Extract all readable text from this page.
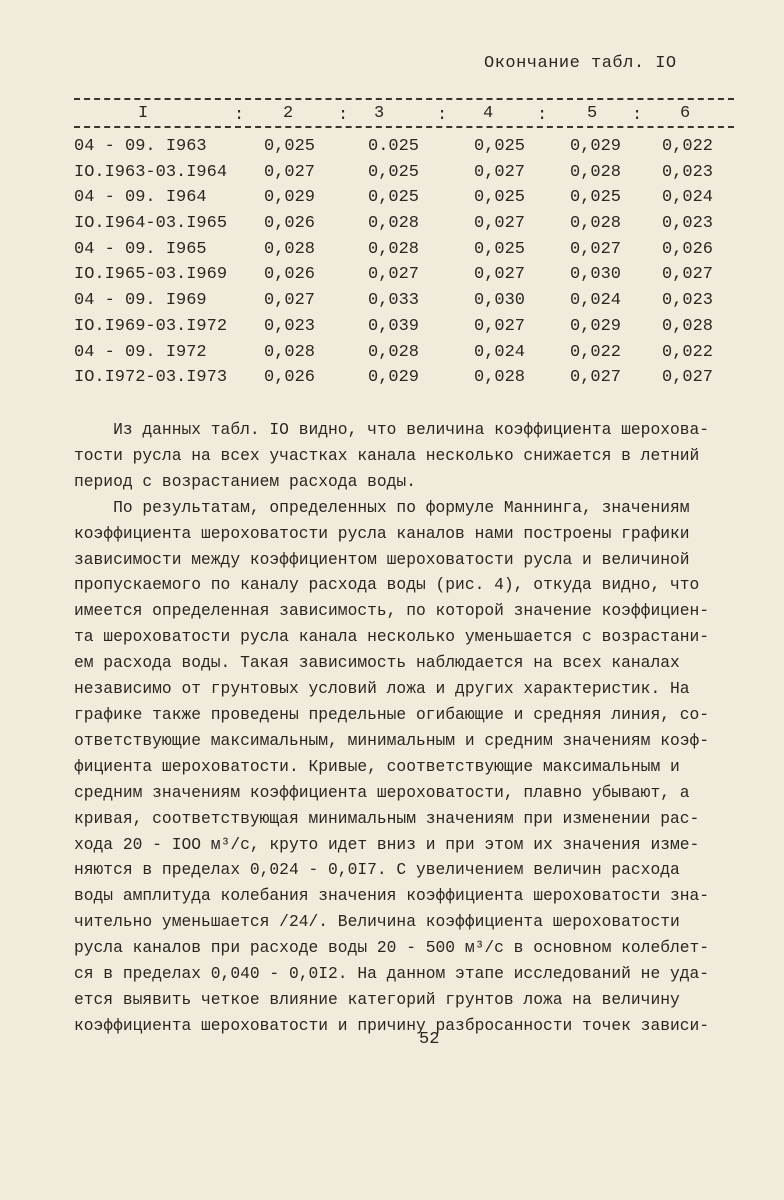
Окончание табл. IO
I	2	3	4	5	6
:	:	:	:	:
04 - 09. I963	0,025	0.025	0,025	0,029	0,022
IO.I963-03.I964	0,027	0,025	0,027	0,028	0,023
04 - 09. I964	0,029	0,025	0,025	0,025	0,024
IO.I964-03.I965	0,026	0,028	0,027	0,028	0,023
04 - 09. I965	0,028	0,028	0,025	0,027	0,026
IO.I965-03.I969	0,026	0,027	0,027	0,030	0,027
04 - 09. I969	0,027	0,033	0,030	0,024	0,023
IO.I969-03.I972	0,023	0,039	0,027	0,029	0,028
04 - 09. I972	0,028	0,028	0,024	0,022	0,022
IO.I972-03.I973	0,026	0,029	0,028	0,027	0,027
Из данных табл. IO видно, что величина коэффициента шерохова-
тости русла на всех участках канала несколько снижается в летний
период с возрастанием расхода воды.
По результатам, определенных по формуле Маннинга, значениям
коэффициента шероховатости русла каналов нами построены графики
зависимости между коэффициентом шероховатости русла и величиной
пропускаемого по каналу расхода воды (рис. 4), откуда видно, что
имеется определенная зависимость, по которой значение коэффициен-
та шероховатости русла канала несколько уменьшается с возрастани-
ем расхода воды. Такая зависимость наблюдается на всех каналах
независимо от грунтовых условий ложа и других характеристик. На
графике также проведены предельные огибающие и средняя линия, со-
ответствующие максимальным, минимальным и средним значениям коэф-
фициента шероховатости. Кривые, соответствующие максимальным и
средним значениям коэффициента шероховатости, плавно убывают, а
кривая, соответствующая минимальным значениям при изменении рас-
хода 20 - IOO м³/с, круто идет вниз и при этом их значения изме-
няются в пределах 0,024 - 0,0I7. С увеличением величин расхода
воды амплитуда колебания значения коэффициента шероховатости зна-
чительно уменьшается /24/. Величина коэффициента шероховатости
русла каналов при расходе воды 20 - 500 м³/с в основном колеблет-
ся в пределах 0,040 - 0,0I2. На данном этапе исследований не уда-
ется выявить четкое влияние категорий грунтов ложа на величину
коэффициента шероховатости и причину разбросанности точек зависи-
52
